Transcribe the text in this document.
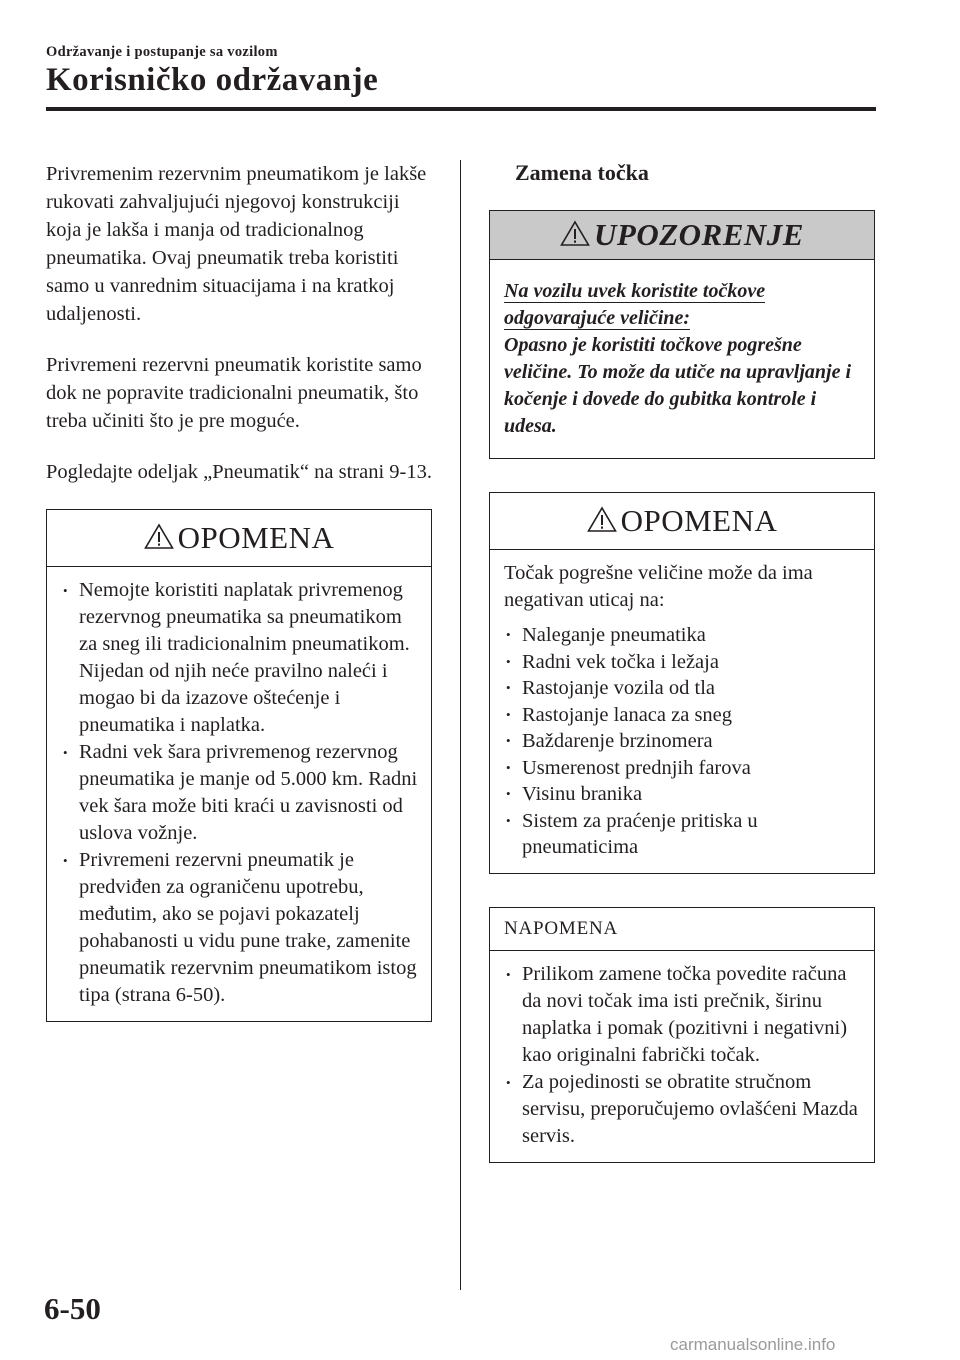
Održavanje i postupanje sa vozilom
Korisničko održavanje

Privremenim rezervnim pneumatikom je lakše rukovati zahvaljujući njegovoj konstrukciji koja je lakša i manja od tradicionalnog pneumatika. Ovaj pneumatik treba koristiti samo u vanrednim situacijama i na kratkoj udaljenosti.

Privremeni rezervni pneumatik koristite samo dok ne popravite tradicionalni pneumatik, što treba učiniti što je pre moguće.

Pogledajte odeljak „Pneumatik“ na strani 9-13.

OPOMENA
• Nemojte koristiti naplatak privremenog rezervnog pneumatika sa pneumatikom za sneg ili tradicionalnim pneumatikom. Nijedan od njih neće pravilno naleći i mogao bi da izazove oštećenje i pneumatika i naplatka.
• Radni vek šara privremenog rezervnog pneumatika je manje od 5.000 km. Radni vek šara može biti kraći u zavisnosti od uslova vožnje.
• Privremeni rezervni pneumatik je predviđen za ograničenu upotrebu, međutim, ako se pojavi pokazatelj pohabanosti u vidu pune trake, zamenite pneumatik rezervnim pneumatikom istog tipa (strana 6-50).
Zamena točka
UPOZORENJE
Na vozilu uvek koristite točkove odgovarajuće veličine:
Opasno je koristiti točkove pogrešne veličine. To može da utiče na upravljanje i kočenje i dovede do gubitka kontrole i udesa.
OPOMENA
Točak pogrešne veličine može da ima negativan uticaj na:
• Naleganje pneumatika
• Radni vek točka i ležaja
• Rastojanje vozila od tla
• Rastojanje lanaca za sneg
• Baždarenje brzinomera
• Usmerenost prednjih farova
• Visinu branika
• Sistem za praćenje pritiska u pneumaticima
NAPOMENA
• Prilikom zamene točka povedite računa da novi točak ima isti prečnik, širinu naplatka i pomak (pozitivni i negativni) kao originalni fabrički točak.
• Za pojedinosti se obratite stručnom servisu, preporučujemo ovlašćeni Mazda servis.
6-50
carmanualsonline.info
